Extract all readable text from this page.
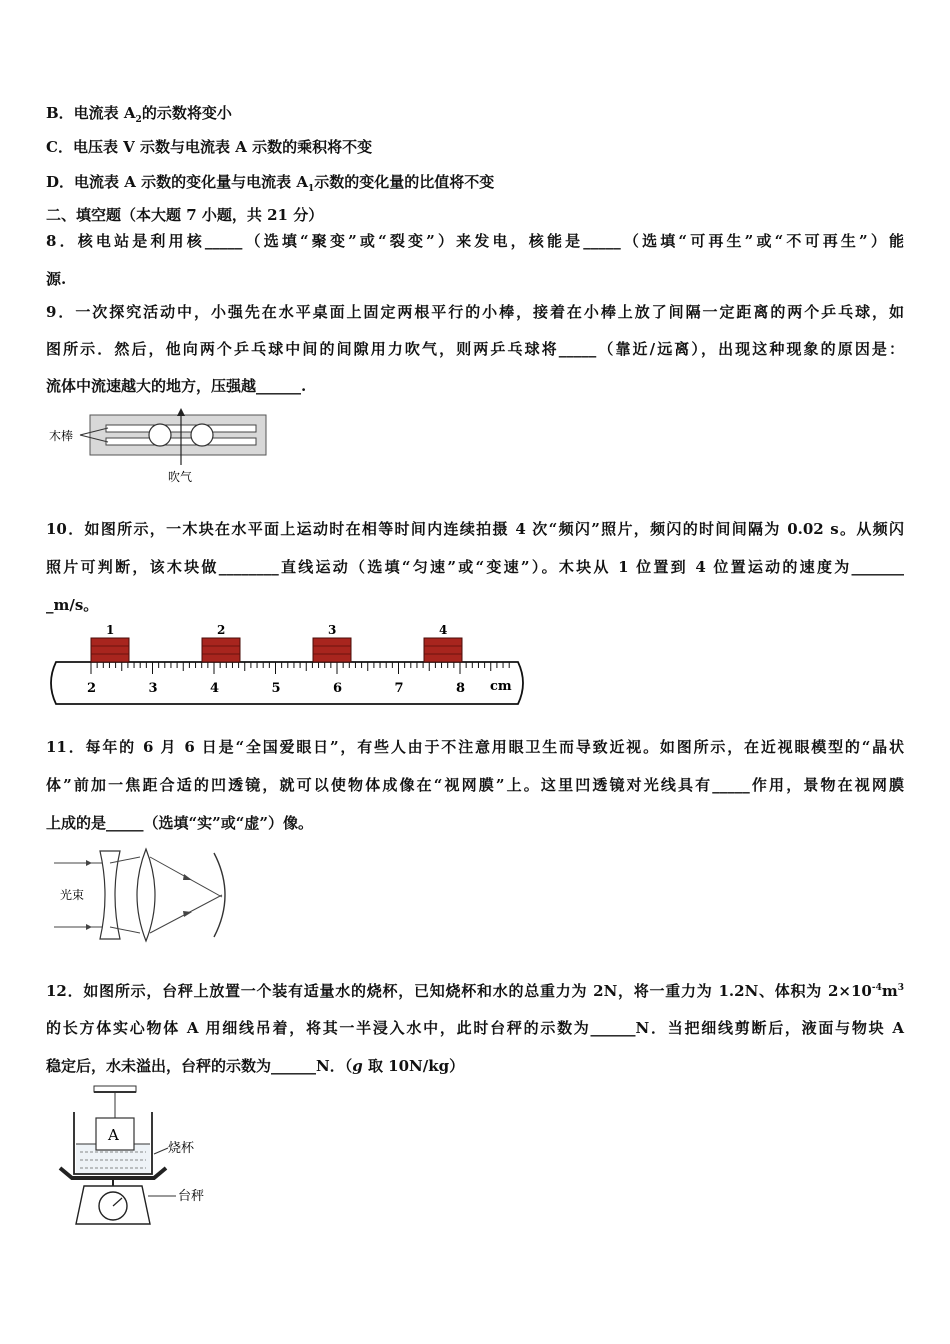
B．电流表 $A_2$的示数将变小
C．电压表 V 示数与电流表 A 示数的乘积将不变
D．电流表 A 示数的变化量与电流表 $A_1$示数的变化量的比值将不变
二、填空题（本大题 7 小题，共 21 分）
8．核电站是利用核_____（选填“聚变”或“裂变”）来发电，核能是_____（选填“可再生”或“不可再生”）能
源.
9．一次探究活动中，小强先在水平桌面上固定两根平行的小棒，接着在小棒上放了间隔一定距离的两个乒乓球，如
图所示．然后，他向两个乒乓球中间的间隙用力吹气，则两乒乓球将_____（靠近/远离），出现这种现象的原因是：
流体中流速越大的地方，压强越______.
木棒
吹气
10．如图所示，一木块在水平面上运动时在相等时间内连续拍摄 4 次“频闪”照片，频闪的时间间隔为 0.02 s。从频闪
照片可判断，该木块做________直线运动（选填“匀速”或“变速”）。木块从 1 位置到 4 位置运动的速度为_______
_m/s。
2	3	4	5	6	7	8
1	2	3	4
cm
11．每年的 6 月 6 日是“全国爱眼日”，有些人由于不注意用眼卫生而导致近视。如图所示，在近视眼模型的“晶状
体”前加一焦距合适的凹透镜，就可以使物体成像在“视网膜”上。这里凹透镜对光线具有_____作用，景物在视网膜
上成的是_____（选填“实”或“虚”）像。
光束
12．如图所示，台秤上放置一个装有适量水的烧杯，已知烧杯和水的总重力为 2N，将一重力为 1.2N、体积为 $2\times 10^{-4}m^3$
的长方体实心物体 A 用细线吊着，将其一半浸入水中，此时台秤的示数为______N．当把细线剪断后，液面与物块 A
稳定后，水未溢出，台秤的示数为______N．（g 取 10N/kg）
A
烧杯
台秤
